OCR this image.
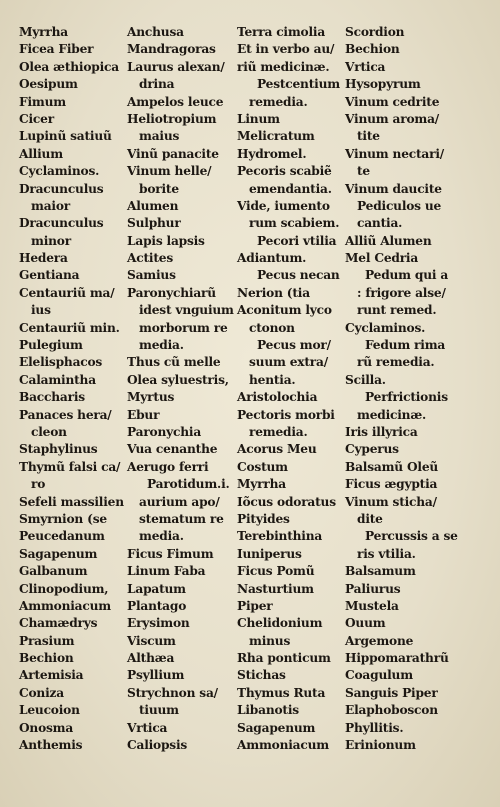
Myrrha
Ficea Fiber
Olea æthiopica
Oesipum
Fimum
Cicer
Lupinũ satiuũ
Allium
Cyclaminos.
Dracunculus
maior
Dracunculus
minor
Hedera
Gentiana
Centauriũ ma/
ius
Centauriũ min.
Pulegium
Elelisphacos
Calamintha
Baccharis
Panaces hera/
cleon
Staphylinus
Thymũ falsi ca/
ro
Sefeli massilien
Smyrnion (se
Peucedanum
Sagapenum
Galbanum
Clinopodium,
Ammoniacum
Chamædrys
Prasium
Bechion
Artemisia
Coniza
Leucoion
Onosma
Anthemis
Anchusa
Mandragoras
Laurus alexan/
drina
Ampelos leuce
Heliotropium
maius
Vinũ panacite
Vinum helle/
borite
Alumen
Sulphur
Lapis lapsis
Actites
Samius
Paronychiarũ
idest vnguium
morborum re
media.
Thus cũ melle
Olea syluestris,
Myrtus
Ebur
Paronychia
Vua cenanthe
Aerugo ferri
Parotidum.i.
aurium apo/
stematum re
media.
Ficus Fimum
Linum Faba
Lapatum
Plantago
Erysimon
Viscum
Althæa
Psyllium
Strychnon sa/
tiuum
Vrtica
Caliopsis
Terra cimolia
Et in verbo au/
riũ medicinæ.
Pestcentium
remedia.
Linum
Melicratum
Hydromel.
Pecoris scabiẽ
emendantia.
Vide, iumento
rum scabiem.
Pecori vtilia
Adiantum.
Pecus necan
Nerion (tia
Aconitum lyco
ctonon
Pecus mor/
suum extra/
hentia.
Aristolochia
Pectoris morbi
remedia.
Acorus Meu
Costum
Myrrha
Iõcus odoratus
Pityides
Terebinthina
Iuniperus
Ficus Pomũ
Nasturtium
Piper
Chelidonium
minus
Rha ponticum
Stichas
Thymus Ruta
Libanotis
Sagapenum
Ammoniacum
Scordion
Bechion
Vrtica
Hysopyrum
Vinum cedrite
Vinum aroma/
tite
Vinum nectari/
te
Vinum daucite
Pediculos ue
cantia.
Alliũ Alumen
Mel Cedria
Pedum qui a
: frigore alse/
runt remed.
Cyclaminos.
Fedum rima
rũ remedia.
Scilla.
Perfrictionis
medicinæ.
Iris illyrica
Cyperus
Balsamũ Oleũ
Ficus ægyptia
Vinum sticha/
dite
Percussis a se
ris vtilia.
Balsamum
Paliurus
Mustela
Ouum
Argemone
Hippomarathrũ
Coagulum
Sanguis Piper
Elaphoboscon
Phyllitis.
Erinionum
